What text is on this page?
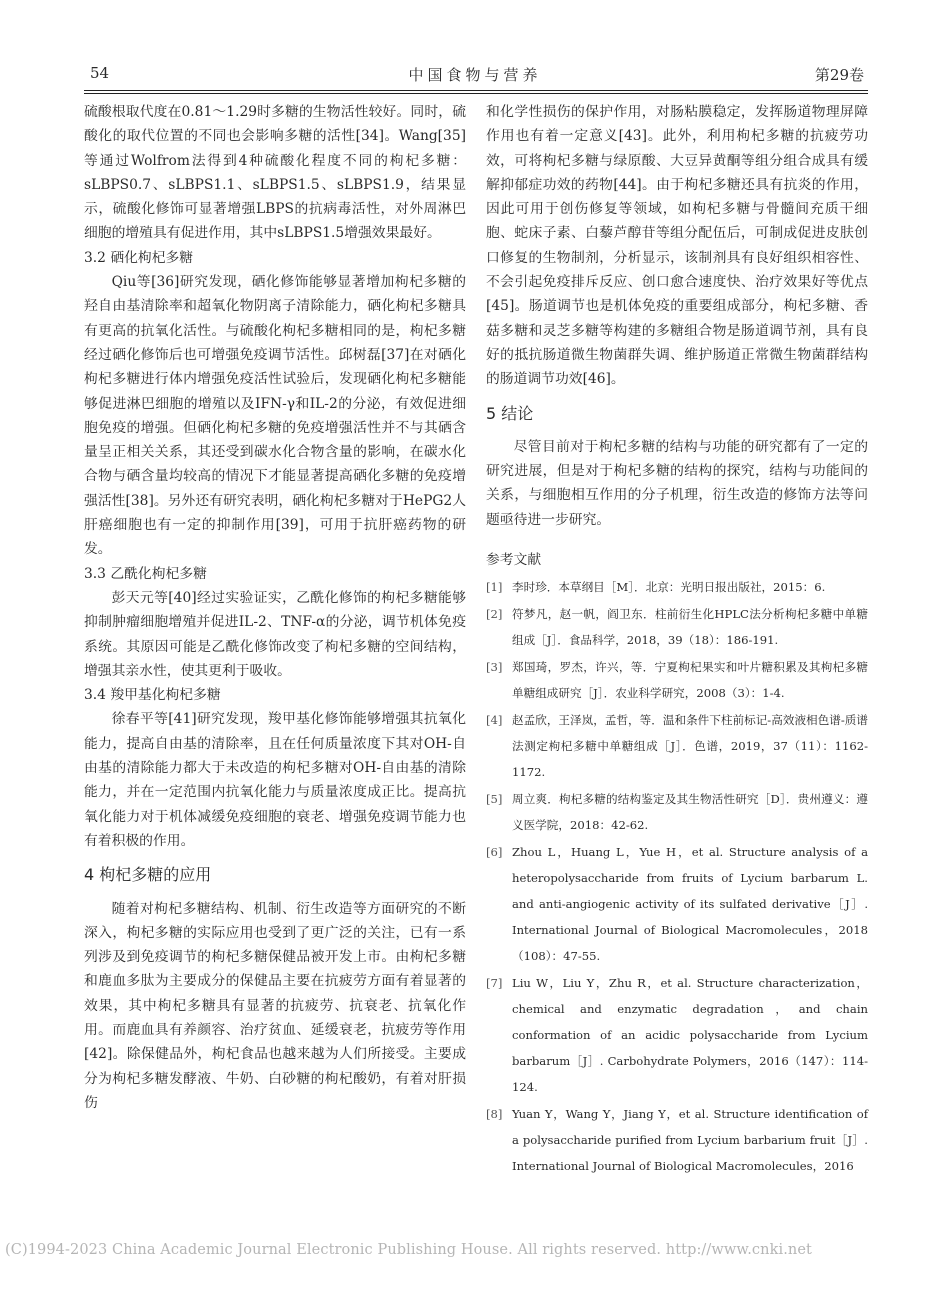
54	中国食物与营养	第29卷
硫酸根取代度在0.81～1.29时多糖的生物活性较好。同时，硫酸化的取代位置的不同也会影响多糖的活性[34]。Wang[35]等通过Wolfrom法得到4种硫酸化程度不同的枸杞多糖：sLBPS0.7、sLBPS1.1、sLBPS1.5、sLBPS1.9，结果显示，硫酸化修饰可显著增强LBPS的抗病毒活性，对外周淋巴细胞的增殖具有促进作用，其中sLBPS1.5增强效果最好。
3.2 硒化枸杞多糖
Qiu等[36]研究发现，硒化修饰能够显著增加枸杞多糖的羟自由基清除率和超氧化物阴离子清除能力，硒化枸杞多糖具有更高的抗氧化活性。与硫酸化枸杞多糖相同的是，枸杞多糖经过硒化修饰后也可增强免疫调节活性。邱树磊[37]在对硒化枸杞多糖进行体内增强免疫活性试验后，发现硒化枸杞多糖能够促进淋巴细胞的增殖以及IFN-γ和IL-2的分泌，有效促进细胞免疫的增强。但硒化枸杞多糖的免疫增强活性并不与其硒含量呈正相关关系，其还受到碳水化合物含量的影响，在碳水化合物与硒含量均较高的情况下才能显著提高硒化多糖的免疫增强活性[38]。另外还有研究表明，硒化枸杞多糖对于HePG2人肝癌细胞也有一定的抑制作用[39]，可用于抗肝癌药物的研发。
3.3 乙酰化枸杞多糖
彭天元等[40]经过实验证实，乙酰化修饰的枸杞多糖能够抑制肿瘤细胞增殖并促进IL-2、TNF-α的分泌，调节机体免疫系统。其原因可能是乙酰化修饰改变了枸杞多糖的空间结构，增强其亲水性，使其更利于吸收。
3.4 羧甲基化枸杞多糖
徐春平等[41]研究发现，羧甲基化修饰能够增强其抗氧化能力，提高自由基的清除率，且在任何质量浓度下其对OH-自由基的清除能力都大于未改造的枸杞多糖对OH-自由基的清除能力，并在一定范围内抗氧化能力与质量浓度成正比。提高抗氧化能力对于机体减缓免疫细胞的衰老、增强免疫调节能力也有着积极的作用。
4 枸杞多糖的应用
随着对枸杞多糖结构、机制、衍生改造等方面研究的不断深入，枸杞多糖的实际应用也受到了更广泛的关注，已有一系列涉及到免疫调节的枸杞多糖保健品被开发上市。由枸杞多糖和鹿血多肽为主要成分的保健品主要在抗疲劳方面有着显著的效果，其中枸杞多糖具有显著的抗疲劳、抗衰老、抗氧化作用。而鹿血具有养颜容、治疗贫血、延缓衰老，抗疲劳等作用[42]。除保健品外，枸杞食品也越来越为人们所接受。主要成分为枸杞多糖发酵液、牛奶、白砂糖的枸杞酸奶，有着对肝损伤
和化学性损伤的保护作用，对肠粘膜稳定，发挥肠道物理屏障作用也有着一定意义[43]。此外，利用枸杞多糖的抗疲劳功效，可将枸杞多糖与绿原酸、大豆异黄酮等组分组合成具有缓解抑郁症功效的药物[44]。由于枸杞多糖还具有抗炎的作用，因此可用于创伤修复等领域，如枸杞多糖与骨髓间充质干细胞、蛇床子素、白藜芦醇苷等组分配伍后，可制成促进皮肤创口修复的生物制剂，分析显示，该制剂具有良好组织相容性、不会引起免疫排斥反应、创口愈合速度快、治疗效果好等优点[45]。肠道调节也是机体免疫的重要组成部分，枸杞多糖、香菇多糖和灵芝多糖等构建的多糖组合物是肠道调节剂，具有良好的抵抗肠道微生物菌群失调、维护肠道正常微生物菌群结构的肠道调节功效[46]。
5 结论
尽管目前对于枸杞多糖的结构与功能的研究都有了一定的研究进展，但是对于枸杞多糖的结构的探究，结构与功能间的关系，与细胞相互作用的分子机理，衍生改造的修饰方法等问题亟待进一步研究。
参考文献
[1] 李时珍．本草纲目［M］．北京：光明日报出版社，2015：6.
[2] 符梦凡，赵一帆，阎卫东．柱前衍生化HPLC法分析枸杞多糖中单糖组成［J］．食品科学，2018，39（18）：186-191.
[3] 郑国琦，罗杰，许兴，等．宁夏枸杞果实和叶片糖积累及其枸杞多糖单糖组成研究［J］．农业科学研究，2008（3）：1-4.
[4] 赵孟欣，王泽岚，孟哲，等．温和条件下柱前标记-高效液相色谱-质谱法测定枸杞多糖中单糖组成［J］．色谱，2019，37（11）：1162-1172.
[5] 周立爽．枸杞多糖的结构鉴定及其生物活性研究［D］．贵州遵义：遵义医学院，2018：42-62.
[6] Zhou L，Huang L，Yue H，et al. Structure analysis of a heteropolysaccharide from fruits of Lycium barbarum L. and anti-angiogenic activity of its sulfated derivative［J］. International Journal of Biological Macromolecules，2018（108）：47-55.
[7] Liu W，Liu Y，Zhu R，et al. Structure characterization，chemical and enzymatic degradation，and chain conformation of an acidic polysaccharide from Lycium barbarum［J］. Carbohydrate Polymers，2016（147）：114-124.
[8] Yuan Y，Wang Y，Jiang Y，et al. Structure identification of a polysaccharide purified from Lycium barbarium fruit［J］. International Journal of Biological Macromolecules，2016
(C)1994-2023 China Academic Journal Electronic Publishing House. All rights reserved. http://www.cnki.net
